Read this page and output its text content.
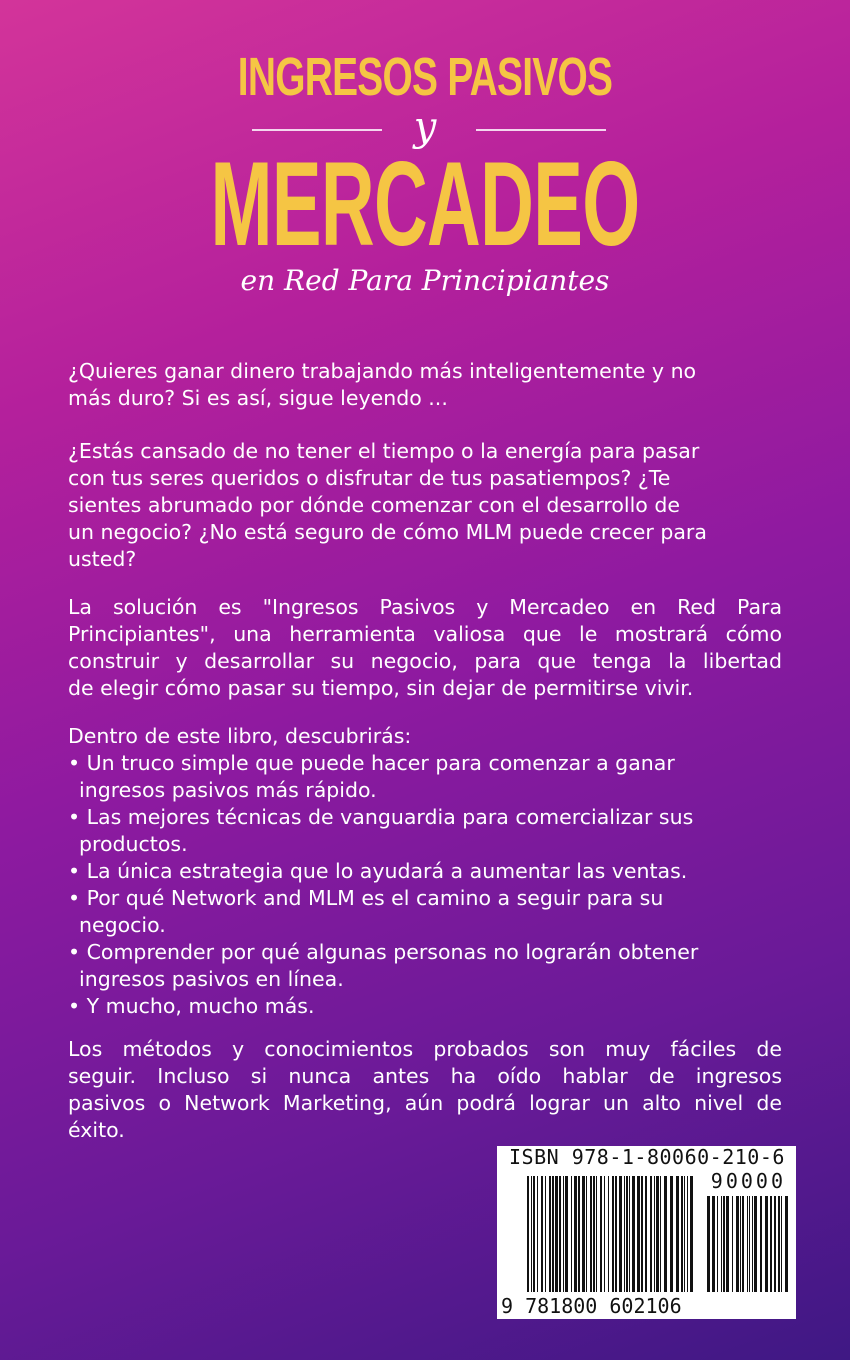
INGRESOS PASIVOS
y
MERCADEO
en Red Para Principiantes
¿Quieres ganar dinero trabajando más inteligentemente y no
más duro? Si es así, sigue leyendo ...
¿Estás cansado de no tener el tiempo o la energía para pasar
con tus seres queridos o disfrutar de tus pasatiempos? ¿Te
sientes abrumado por dónde comenzar con el desarrollo de
un negocio? ¿No está seguro de cómo MLM puede crecer para
usted?
La solución es "Ingresos Pasivos y Mercadeo en Red Para
Principiantes", una herramienta valiosa que le mostrará cómo
construir y desarrollar su negocio, para que tenga la libertad
de elegir cómo pasar su tiempo, sin dejar de permitirse vivir.
Dentro de este libro, descubrirás:
• Un truco simple que puede hacer para comenzar a ganar
ingresos pasivos más rápido.
• Las mejores técnicas de vanguardia para comercializar sus
productos.
• La única estrategia que lo ayudará a aumentar las ventas.
• Por qué Network and MLM es el camino a seguir para su
negocio.
• Comprender por qué algunas personas no lograrán obtener
ingresos pasivos en línea.
• Y mucho, mucho más.
Los métodos y conocimientos probados son muy fáciles de
seguir. Incluso si nunca antes ha oído hablar de ingresos
pasivos o Network Marketing, aún podrá lograr un alto nivel de
éxito.
ISBN 978-1-80060-210-6
90000
9 781800 602106
